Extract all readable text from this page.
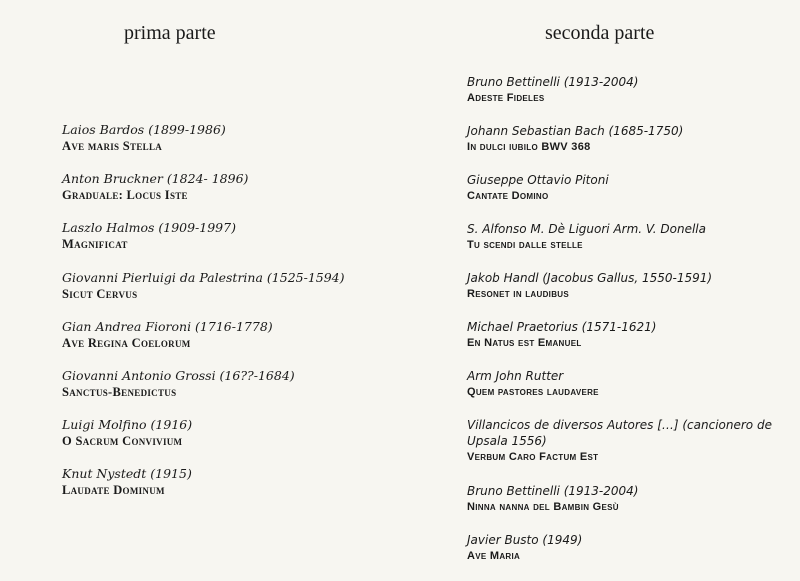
prima parte
Laios Bardos (1899-1986)
Ave maris Stella
Anton Bruckner (1824- 1896)
Graduale: Locus Iste
Laszlo Halmos (1909-1997)
Magnificat
Giovanni Pierluigi da Palestrina (1525-1594)
Sicut Cervus
Gian Andrea Fioroni (1716-1778)
Ave Regina Coelorum
Giovanni Antonio Grossi (16??-1684)
Sanctus-Benedictus
Luigi Molfino (1916)
O Sacrum Convivium
Knut Nystedt (1915)
Laudate Dominum
seconda parte
Bruno Bettinelli (1913-2004)
Adeste Fideles
Johann Sebastian Bach (1685-1750)
In dulci iubilo BWV 368
Giuseppe Ottavio Pitoni
Cantate Domino
S. Alfonso M. Dè Liguori Arm. V. Donella
Tu scendi dalle stelle
Jakob Handl (Jacobus Gallus, 1550-1591)
Resonet in laudibus
Michael Praetorius (1571-1621)
En Natus est Emanuel
Arm John Rutter
Quem pastores laudavere
Villancicos de diversos Autores […] (cancionero de Upsala 1556)
Verbum Caro Factum Est
Bruno Bettinelli (1913-2004)
Ninna nanna del Bambin Gesù
Javier Busto (1949)
Ave Maria
